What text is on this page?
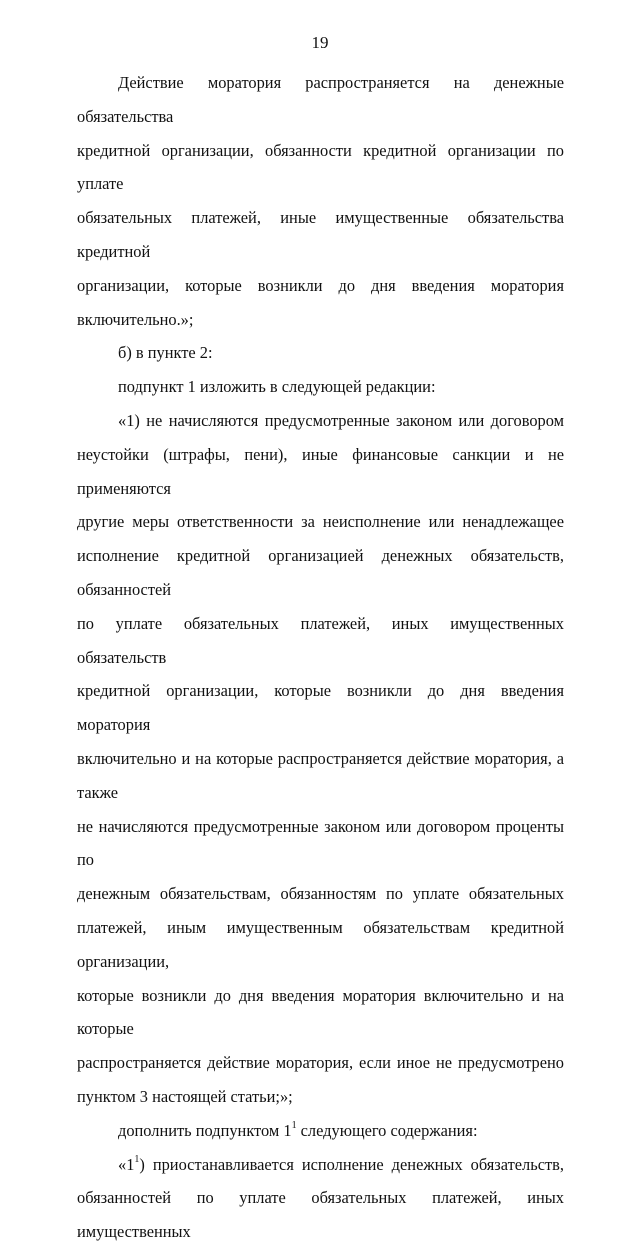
19

Действие моратория распространяется на денежные обязательства
кредитной организации, обязанности кредитной организации по уплате
обязательных платежей, иные имущественные обязательства кредитной
организации, которые возникли до дня введения моратория
включительно.»;

б) в пункте 2:

подпункт 1 изложить в следующей редакции:

«1) не начисляются предусмотренные законом или договором
неустойки (штрафы, пени), иные финансовые санкции и не применяются
другие меры ответственности за неисполнение или ненадлежащее
исполнение кредитной организацией денежных обязательств, обязанностей
по уплате обязательных платежей, иных имущественных обязательств
кредитной организации, которые возникли до дня введения моратория
включительно и на которые распространяется действие моратория, а также
не начисляются предусмотренные законом или договором проценты по
денежным обязательствам, обязанностям по уплате обязательных
платежей, иным имущественным обязательствам кредитной организации,
которые возникли до дня введения моратория включительно и на которые
распространяется действие моратория, если иное не предусмотрено
пунктом 3 настоящей статьи;»;

дополнить подпунктом $1^1$ следующего содержания:

«$1^1$) приостанавливается исполнение денежных обязательств,
обязанностей по уплате обязательных платежей, иных имущественных
